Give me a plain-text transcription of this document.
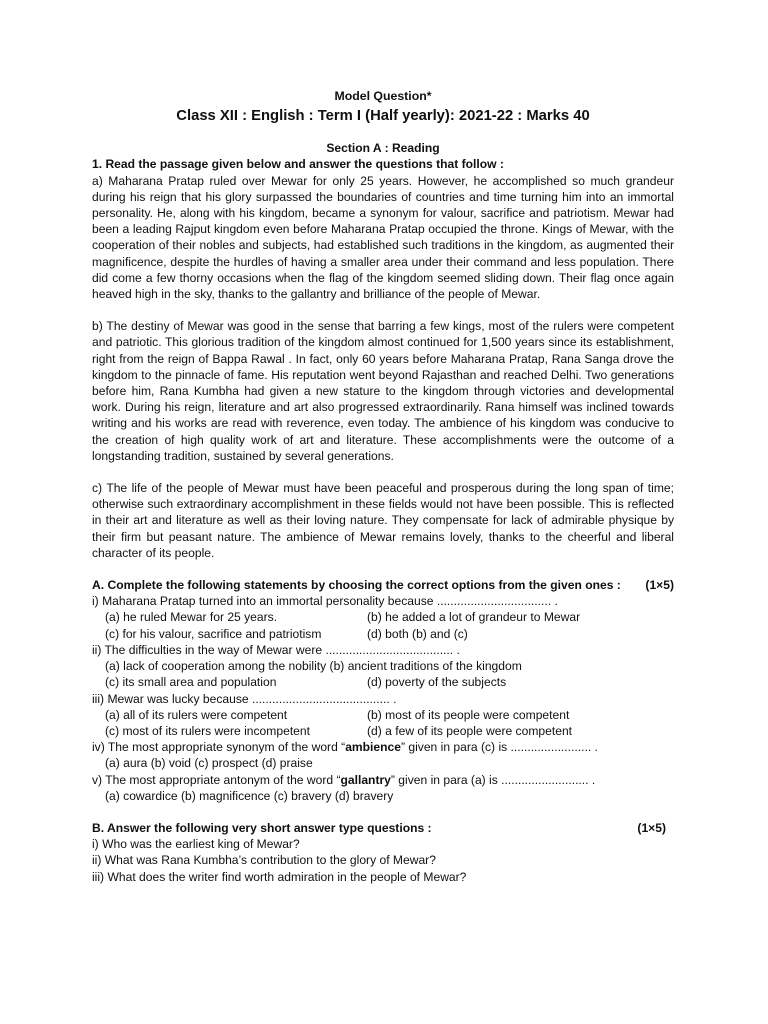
Model Question*
Class XII : English : Term I (Half yearly): 2021-22 : Marks 40
Section A : Reading
1. Read the passage given below and answer the questions that follow :
a) Maharana Pratap ruled over Mewar for only 25 years. However, he accomplished so much grandeur during his reign that his glory surpassed the boundaries of countries and time turning him into an immortal personality. He, along with his kingdom, became a synonym for valour, sacrifice and patriotism. Mewar had been a leading Rajput kingdom even before Maharana Pratap occupied the throne. Kings of Mewar, with the cooperation of their nobles and subjects, had established such traditions in the kingdom, as augmented their magnificence, despite the hurdles of having a smaller area under their command and less population. There did come a few thorny occasions when the flag of the kingdom seemed sliding down. Their flag once again heaved high in the sky, thanks to the gallantry and brilliance of the people of Mewar.
b) The destiny of Mewar was good in the sense that barring a few kings, most of the rulers were competent and patriotic. This glorious tradition of the kingdom almost continued for 1,500 years since its establishment, right from the reign of Bappa Rawal . In fact, only 60 years before Maharana Pratap, Rana Sanga drove the kingdom to the pinnacle of fame. His reputation went beyond Rajasthan and reached Delhi. Two generations before him, Rana Kumbha had given a new stature to the kingdom through victories and developmental work. During his reign, literature and art also progressed extraordinarily. Rana himself was inclined towards writing and his works are read with reverence, even today. The ambience of his kingdom was conducive to the creation of high quality work of art and literature. These accomplishments were the outcome of a longstanding tradition, sustained by several generations.
c) The life of the people of Mewar must have been peaceful and prosperous during the long span of time; otherwise such extraordinary accomplishment in these fields would not have been possible. This is reflected in their art and literature as well as their loving nature. They compensate for lack of admirable physique by their firm but peasant nature. The ambience of Mewar remains lovely, thanks to the cheerful and liberal character of its people.
A. Complete the following statements by choosing the correct options from the given ones : (1×5)
i) Maharana Pratap turned into an immortal personality because .................................. .
(a) he ruled Mewar for 25 years.	(b) he added a lot of grandeur to Mewar
(c) for his valour, sacrifice and patriotism	(d) both (b) and (c)
ii) The difficulties in the way of Mewar were ...................................... .
(a) lack of cooperation among the nobility
(b) ancient traditions of the kingdom
(c) its small area and population	(d) poverty of the subjects
iii) Mewar was lucky because ......................................... .
(a) all of its rulers were competent	(b) most of its people were competent
(c) most of its rulers were incompetent	(d) a few of its people were competent
iv) The most appropriate synonym of the word “ambience” given in para (c) is ........................ .
(a) aura (b) void (c) prospect (d) praise
v) The most appropriate antonym of the word “gallantry” given in para (a) is .......................... .
(a) cowardice (b) magnificence (c) bravery (d) bravery
B. Answer the following very short answer type questions :	(1×5)
i) Who was the earliest king of Mewar?
ii) What was Rana Kumbha’s contribution to the glory of Mewar?
iii) What does the writer find worth admiration in the people of Mewar?
